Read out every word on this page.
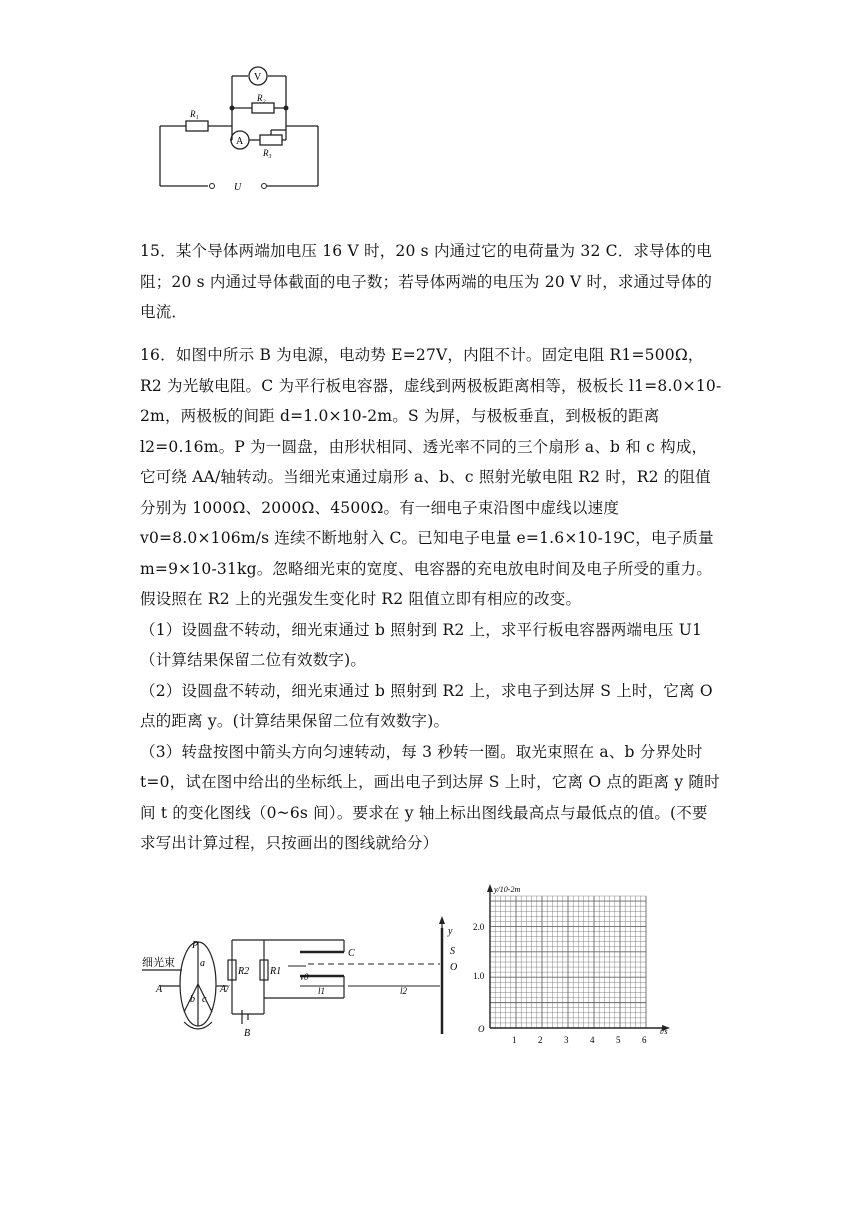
V
A
R₁
R₂
R₃
U

15．某个导体两端加电压 16 V 时，20 s 内通过它的电荷量为 32 C．求导体的电阻；20 s 内通过导体截面的电子数；若导体两端的电压为 20 V 时，求通过导体的电流．

16．如图中所示 B 为电源，电动势 E=27V，内阻不计。固定电阻 R1=500Ω，R2 为光敏电阻。C 为平行板电容器，虚线到两极板距离相等，极板长 l1=8.0×10-2m，两极板的间距 d=1.0×10-2m。S 为屏，与极板垂直，到极板的距离 l2=0.16m。P 为一圆盘，由形状相同、透光率不同的三个扇形 a、b 和 c 构成，它可绕 AA/轴转动。当细光束通过扇形 a、b、c 照射光敏电阻 R2 时，R2 的阻值分别为 1000Ω、2000Ω、4500Ω。有一细电子束沿图中虚线以速度 v0=8.0×106m/s 连续不断地射入 C。已知电子电量 e=1.6×10-19C，电子质量 m=9×10-31kg。忽略细光束的宽度、电容器的充电放电时间及电子所受的重力。假设照在 R2 上的光强发生变化时 R2 阻值立即有相应的改变。

（1）设圆盘不转动，细光束通过 b 照射到 R2 上，求平行板电容器两端电压 U1（计算结果保留二位有效数字)。

（2）设圆盘不转动，细光束通过 b 照射到 R2 上，求电子到达屏 S 上时，它离 O 点的距离 y。(计算结果保留二位有效数字)。

（3）转盘按图中箭头方向匀速转动，每 3 秒转一圈。取光束照在 a、b 分界处时 t=0，试在图中给出的坐标纸上，画出电子到达屏 S 上时，它离 O 点的距离 y 随时间 t 的变化图线（0~6s 间）。要求在 y 轴上标出图线最高点与最低点的值。(不要求写出计算过程，只按画出的图线就给分）

细光束
P
A	A/
a
b c
R2 R1
B
C
v0
l1	l2
S
O
y
y/10-2m
t/s
O
2.0
1.0
1 2 3 4 5 6
